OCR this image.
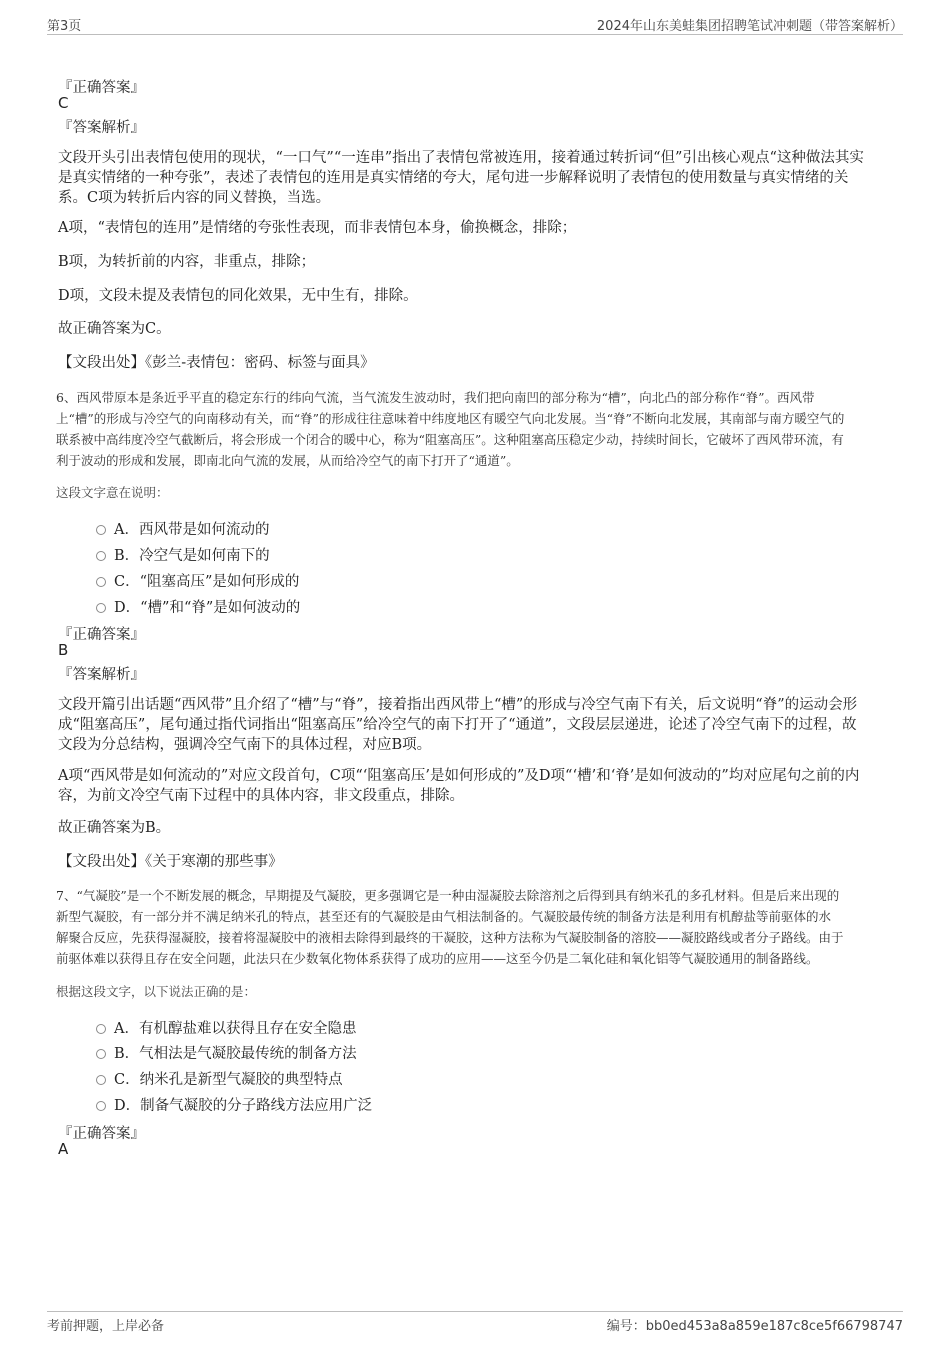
第3页	2024年山东美蛙集团招聘笔试冲刺题（带答案解析）
『正确答案』
C
『答案解析』
文段开头引出表情包使用的现状，“一口气”“一连串”指出了表情包常被连用，接着通过转折词“但”引出核心观点“这种做法其实
是真实情绪的一种夸张”，表述了表情包的连用是真实情绪的夸大，尾句进一步解释说明了表情包的使用数量与真实情绪的关
系。C项为转折后内容的同义替换，当选。
A项，“表情包的连用”是情绪的夸张性表现，而非表情包本身，偷换概念，排除；
B项，为转折前的内容，非重点，排除；
D项，文段未提及表情包的同化效果，无中生有，排除。
故正确答案为C。
【文段出处】《彭兰-表情包：密码、标签与面具》
6、西风带原本是条近乎平直的稳定东行的纬向气流，当气流发生波动时，我们把向南凹的部分称为“槽”，向北凸的部分称作“脊”。西风带
上“槽”的形成与冷空气的向南移动有关，而“脊”的形成往往意味着中纬度地区有暖空气向北发展。当“脊”不断向北发展，其南部与南方暖空气的
联系被中高纬度冷空气截断后，将会形成一个闭合的暖中心，称为“阻塞高压”。这种阻塞高压稳定少动，持续时间长，它破坏了西风带环流，有
利于波动的形成和发展，即南北向气流的发展，从而给冷空气的南下打开了“通道”。
这段文字意在说明：
A．西风带是如何流动的
B．冷空气是如何南下的
C．“阻塞高压”是如何形成的
D．“槽”和“脊”是如何波动的
『正确答案』
B
『答案解析』
文段开篇引出话题“西风带”且介绍了“槽”与“脊”，接着指出西风带上“槽”的形成与冷空气南下有关，后文说明“脊”的运动会形
成“阻塞高压”，尾句通过指代词指出“阻塞高压”给冷空气的南下打开了“通道”，文段层层递进，论述了冷空气南下的过程，故
文段为分总结构，强调冷空气南下的具体过程，对应B项。
A项“西风带是如何流动的”对应文段首句，C项“‘阻塞高压’是如何形成的”及D项“‘槽’和‘脊’是如何波动的”均对应尾句之前的内
容，为前文冷空气南下过程中的具体内容，非文段重点，排除。
故正确答案为B。
【文段出处】《关于寒潮的那些事》
7、“气凝胶”是一个不断发展的概念，早期提及气凝胶，更多强调它是一种由湿凝胶去除溶剂之后得到具有纳米孔的多孔材料。但是后来出现的
新型气凝胶，有一部分并不满足纳米孔的特点，甚至还有的气凝胶是由气相法制备的。气凝胶最传统的制备方法是利用有机醇盐等前驱体的水
解聚合反应，先获得湿凝胶，接着将湿凝胶中的液相去除得到最终的干凝胶，这种方法称为气凝胶制备的溶胶——凝胶路线或者分子路线。由于
前驱体难以获得且存在安全问题，此法只在少数氧化物体系获得了成功的应用——这至今仍是二氧化硅和氧化铝等气凝胶通用的制备路线。
根据这段文字，以下说法正确的是：
A．有机醇盐难以获得且存在安全隐患
B．气相法是气凝胶最传统的制备方法
C．纳米孔是新型气凝胶的典型特点
D．制备气凝胶的分子路线方法应用广泛
『正确答案』
A
考前押题，上岸必备	编号：bb0ed453a8a859e187c8ce5f66798747
